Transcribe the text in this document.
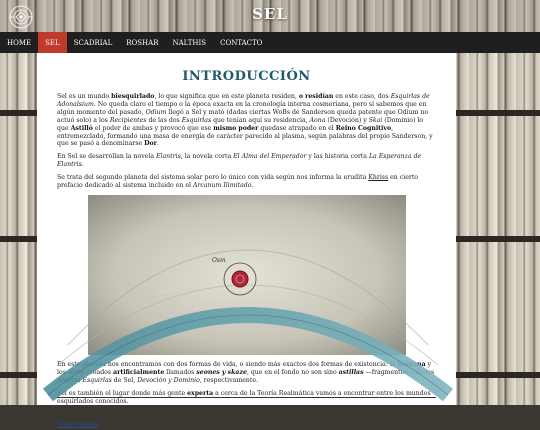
SEL
HOME	SEL	SCADRIAL	ROSHAR	NALTHIS	CONTACTO
INTRODUCCIÓN

Sel es un mundo biesquirlado, lo que significa que en este planeta residen, o residían en este caso, dos Esquirlas de Adonalsium. No queda claro el tiempo o la época exacta en la cronología interna cosmeriana, pero sí sabemos que en algún momento del pasado, Odium llegó a Sel y mató (dadas ciertas WoBs de Sanderson queda patente que Odium no actuó solo) a los Recipientes de las dos Esquirlas que tenían aquí su residencia, Aona (Devoción) y Skai (Dominio) lo que Astilló el poder de ambas y provocó que ese mismo poder quedase atrapado en el Reino Cognitivo, entremezclado, formando una masa de energía de carácter parecido al plasma, según palabras del propio Sanderson, y que se pasó a denominarse Dor.

En Sel se desarrollan la novela Elantris, la novela corta El Alma del Emperador y las historia corta La Esperanza de Elantris.

Se trata del segundo planeta del sistema solar pero lo único con vida según nos informa la erudita Khriss en cierto prefacio dedicado al sistema incluido en el Arcanum Ilimitado.

Osm
Sel / Seol

En este planeta nos encontramos con dos formas de vida, o siendo más exactos dos formas de existencia: la humana y los seres creados artificialmente llamados seones y skaze, que en el fondo no son sino astillas —fragmentos— de las propias Esquirlas de Sel, Devoción y Dominio, respectivamente.

Sel es también el lugar donde más gente experta a cerca de la Teoría Realmática vamos a encontrar entre los mundos esquirlados conocidos.

Volver arriba
